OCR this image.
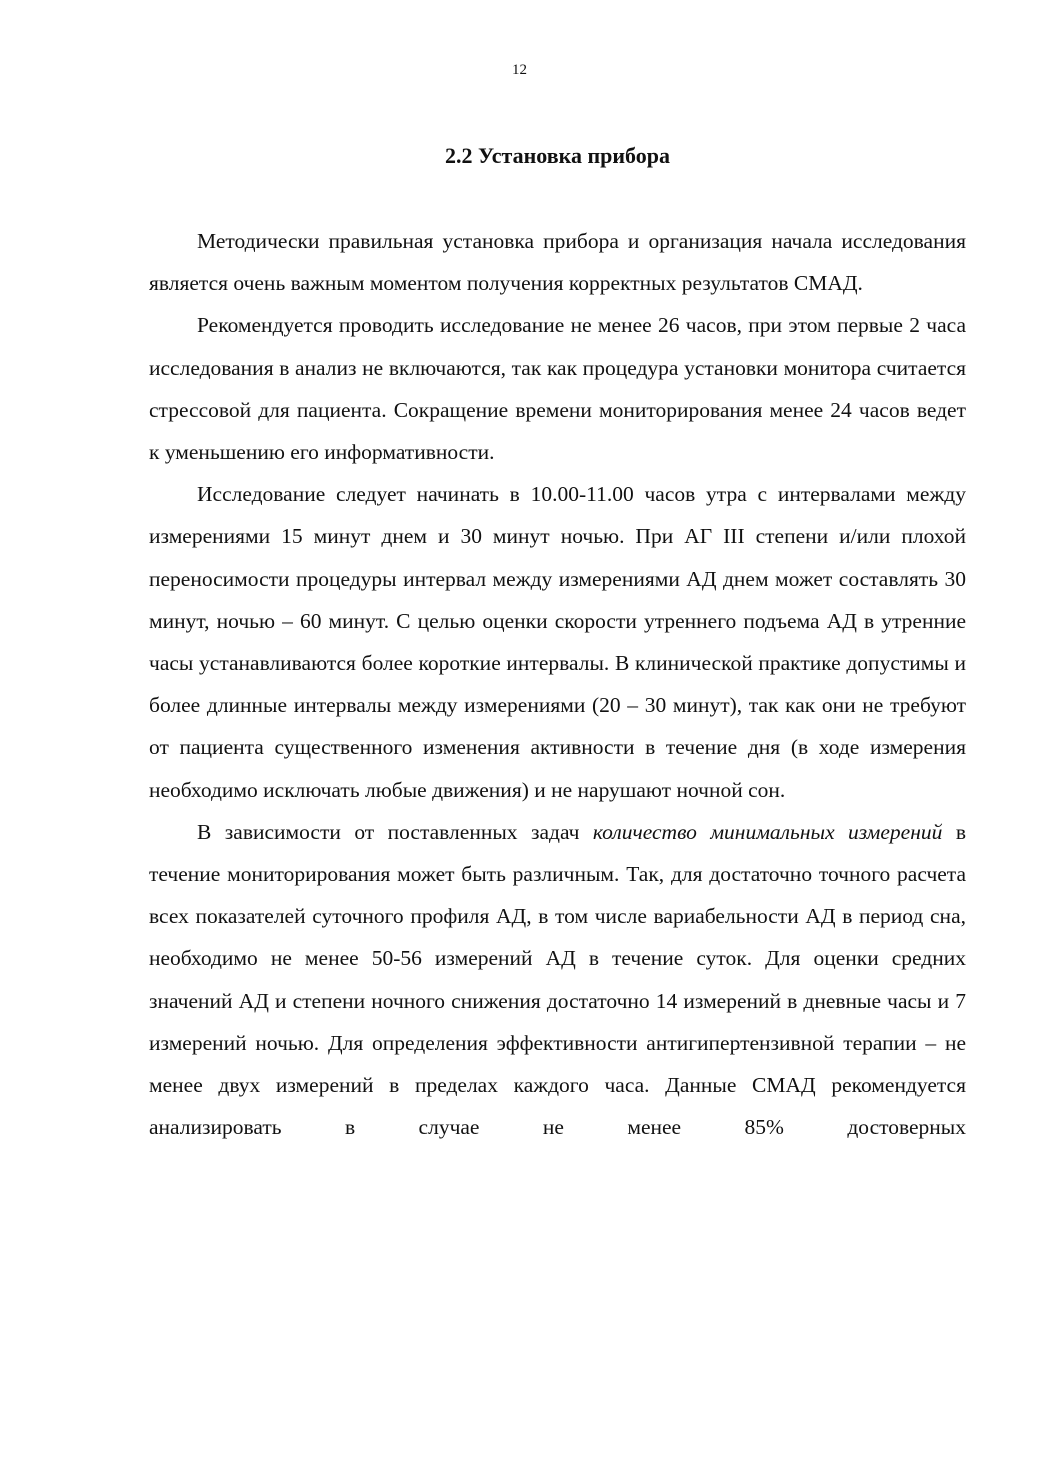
12
2.2 Установка прибора

Методически правильная установка прибора и организация начала исследования является очень важным моментом получения корректных результатов СМАД.

Рекомендуется проводить исследование не менее 26 часов, при этом первые 2 часа исследования в анализ не включаются, так как процедура установки монитора считается стрессовой для пациента. Сокращение времени мониторирования менее 24 часов ведет к уменьшению его информативности.

Исследование следует начинать в 10.00-11.00 часов утра с интервалами между измерениями 15 минут днем и 30 минут ночью. При АГ III степени и/или плохой переносимости процедуры интервал между измерениями АД днем может составлять 30 минут, ночью – 60 минут. С целью оценки скорости утреннего подъема АД в утренние часы устанавливаются более короткие интервалы. В клинической практике допустимы и более длинные интервалы между измерениями (20 – 30 минут), так как они не требуют от пациента существенного изменения активности в течение дня (в ходе измерения необходимо исключать любые движения) и не нарушают ночной сон.

В зависимости от поставленных задач количество минимальных измерений в течение мониторирования может быть различным. Так, для достаточно точного расчета всех показателей суточного профиля АД, в том числе вариабельности АД в период сна, необходимо не менее 50-56 измерений АД в течение суток. Для оценки средних значений АД и степени ночного снижения достаточно 14 измерений в дневные часы и 7 измерений ночью. Для определения эффективности антигипертензивной терапии – не менее двух измерений в пределах каждого часа. Данные СМАД рекомендуется анализировать в случае не менее 85% достоверных
